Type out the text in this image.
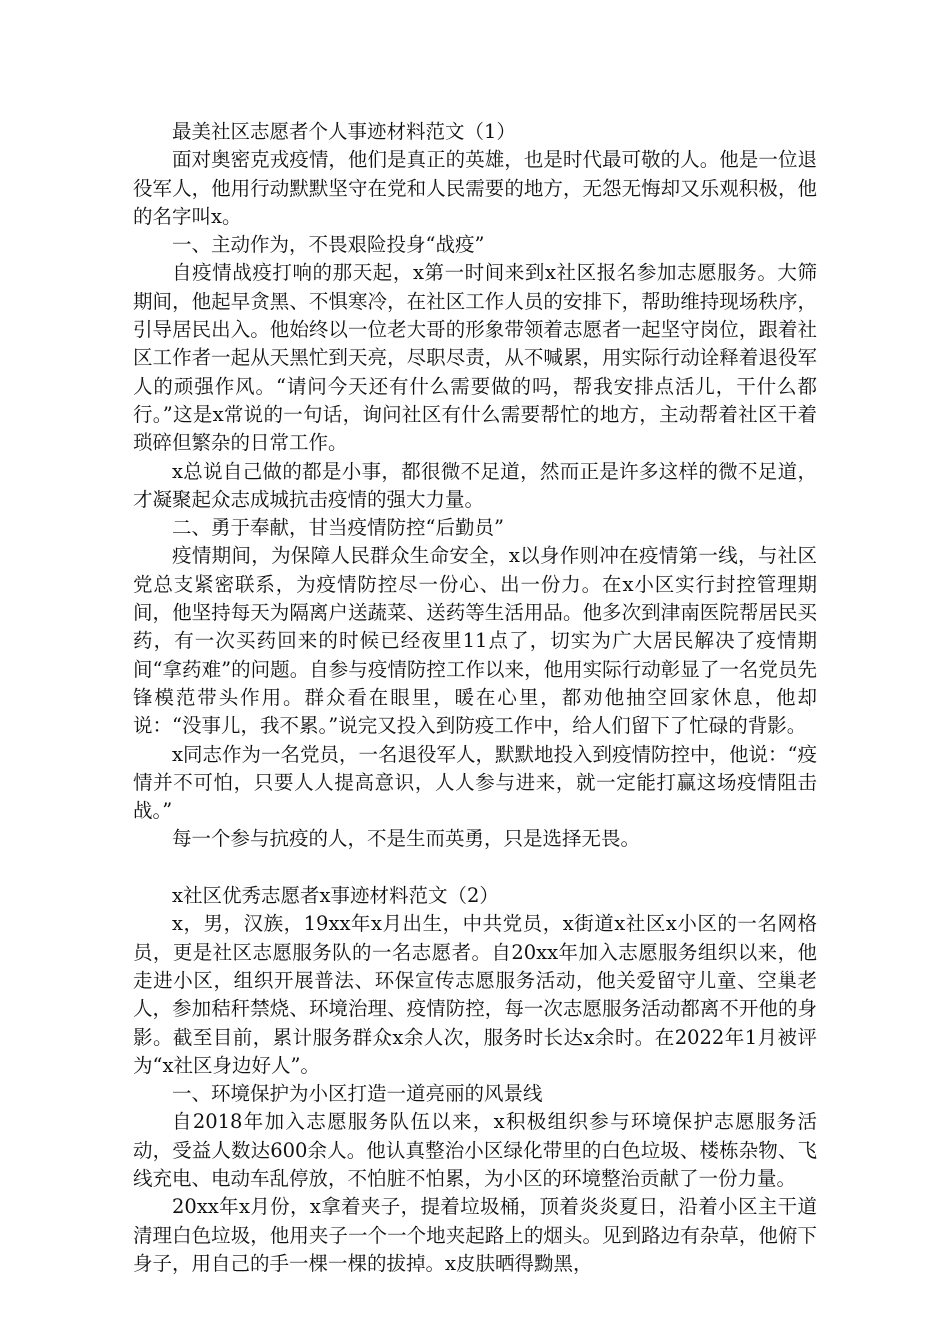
最美社区志愿者个人事迹材料范文（1）

面对奥密克戎疫情，他们是真正的英雄，也是时代最可敬的人。他是一位退役军人，他用行动默默坚守在党和人民需要的地方，无怨无悔却又乐观积极，他的名字叫x。

一、主动作为，不畏艰险投身“战疫”

自疫情战疫打响的那天起，x第一时间来到x社区报名参加志愿服务。大筛期间，他起早贪黑、不惧寒冷，在社区工作人员的安排下，帮助维持现场秩序，引导居民出入。他始终以一位老大哥的形象带领着志愿者一起坚守岗位，跟着社区工作者一起从天黑忙到天亮，尽职尽责，从不喊累，用实际行动诠释着退役军人的顽强作风。“请问今天还有什么需要做的吗，帮我安排点活儿，干什么都行。”这是x常说的一句话，询问社区有什么需要帮忙的地方，主动帮着社区干着琐碎但繁杂的日常工作。

x总说自己做的都是小事，都很微不足道，然而正是许多这样的微不足道，才凝聚起众志成城抗击疫情的强大力量。

二、勇于奉献，甘当疫情防控“后勤员”

疫情期间，为保障人民群众生命安全，x以身作则冲在疫情第一线，与社区党总支紧密联系，为疫情防控尽一份心、出一份力。在x小区实行封控管理期间，他坚持每天为隔离户送蔬菜、送药等生活用品。他多次到津南医院帮居民买药，有一次买药回来的时候已经夜里11点了，切实为广大居民解决了疫情期间“拿药难”的问题。自参与疫情防控工作以来，他用实际行动彰显了一名党员先锋模范带头作用。群众看在眼里，暖在心里，都劝他抽空回家休息，他却说：“没事儿，我不累。”说完又投入到防疫工作中，给人们留下了忙碌的背影。

x同志作为一名党员，一名退役军人，默默地投入到疫情防控中，他说：“疫情并不可怕，只要人人提高意识，人人参与进来，就一定能打赢这场疫情阻击战。”

每一个参与抗疫的人，不是生而英勇，只是选择无畏。

x社区优秀志愿者x事迹材料范文（2）

x，男，汉族，19xx年x月出生，中共党员，x街道x社区x小区的一名网格员，更是社区志愿服务队的一名志愿者。自20xx年加入志愿服务组织以来，他走进小区，组织开展普法、环保宣传志愿服务活动，他关爱留守儿童、空巢老人，参加秸秆禁烧、环境治理、疫情防控，每一次志愿服务活动都离不开他的身影。截至目前，累计服务群众x余人次，服务时长达x余时。在2022年1月被评为“x社区身边好人”。

一、环境保护为小区打造一道亮丽的风景线

自2018年加入志愿服务队伍以来，x积极组织参与环境保护志愿服务活动，受益人数达600余人。他认真整治小区绿化带里的白色垃圾、楼栋杂物、飞线充电、电动车乱停放，不怕脏不怕累，为小区的环境整治贡献了一份力量。

20xx年x月份，x拿着夹子，提着垃圾桶，顶着炎炎夏日，沿着小区主干道清理白色垃圾，他用夹子一个一个地夹起路上的烟头。见到路边有杂草，他俯下身子，用自己的手一棵一棵的拔掉。x皮肤晒得黝黑，
